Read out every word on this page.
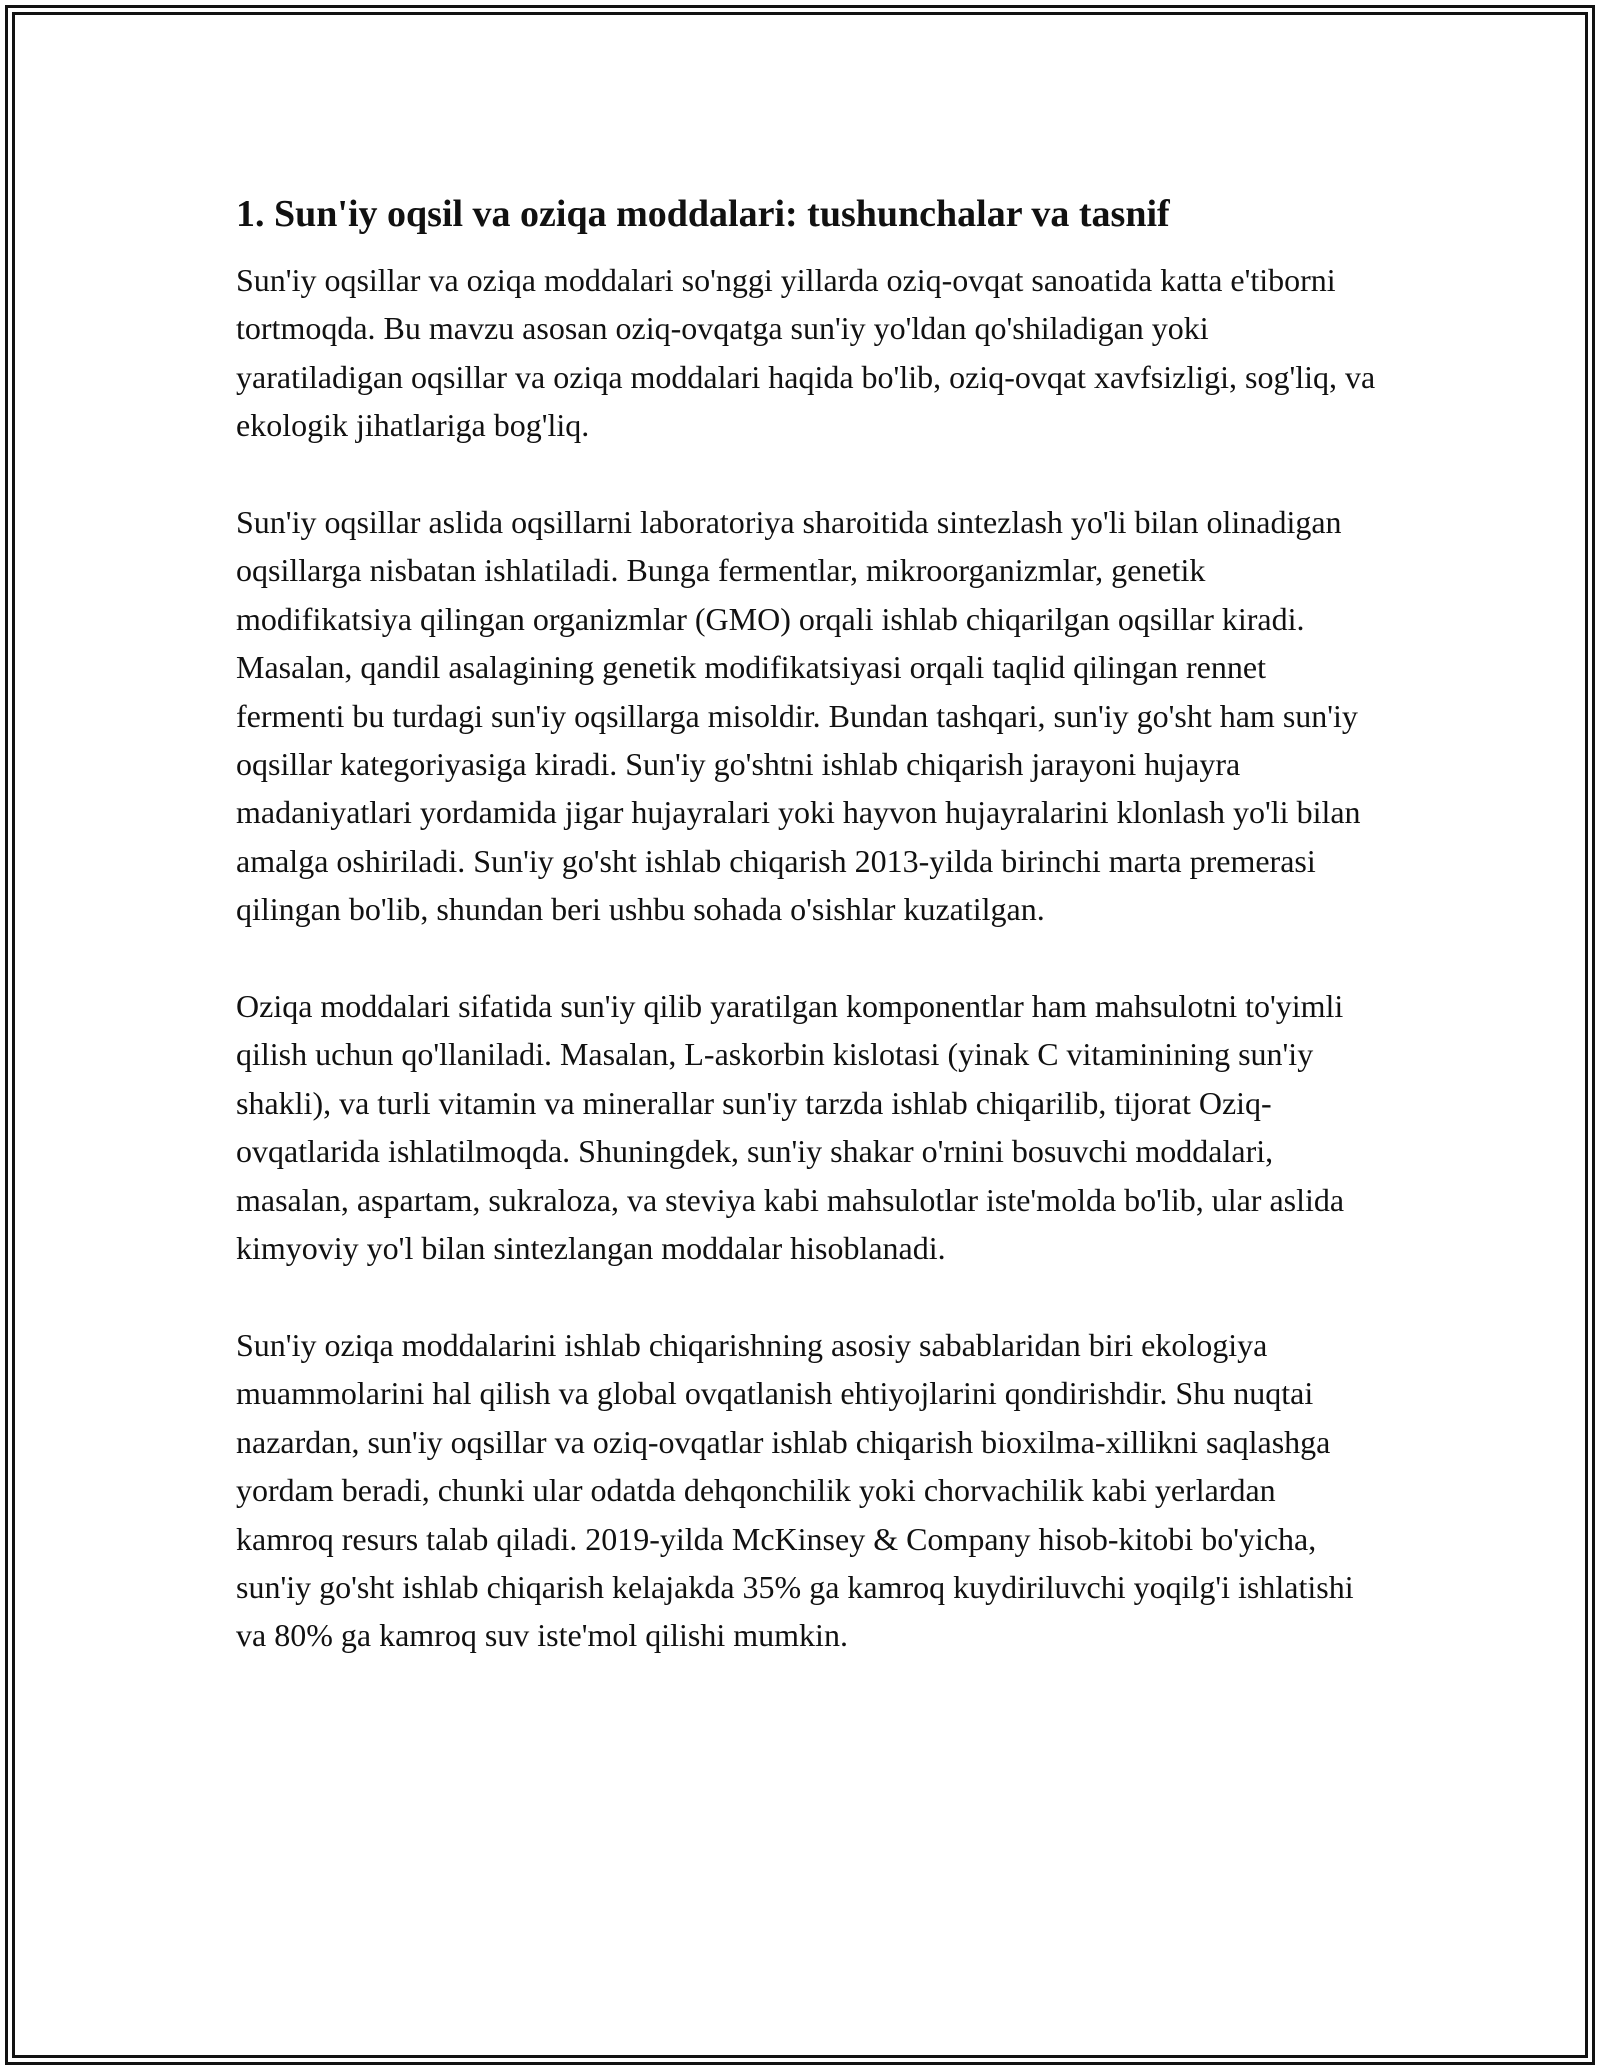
1. Sun'iy oqsil va oziqa moddalari: tushunchalar va tasnif

Sun'iy oqsillar va oziqa moddalari so'nggi yillarda oziq-ovqat sanoatida katta e'tiborni tortmoqda. Bu mavzu asosan oziq-ovqatga sun'iy yo'ldan qo'shiladigan yoki yaratiladigan oqsillar va oziqa moddalari haqida bo'lib, oziq-ovqat xavfsizligi, sog'liq, va ekologik jihatlariga bog'liq.

Sun'iy oqsillar aslida oqsillarni laboratoriya sharoitida sintezlash yo'li bilan olinadigan oqsillarga nisbatan ishlatiladi. Bunga fermentlar, mikroorganizmlar, genetik modifikatsiya qilingan organizmlar (GMO) orqali ishlab chiqarilgan oqsillar kiradi. Masalan, qandil asalagining genetik modifikatsiyasi orqali taqlid qilingan rennet fermenti bu turdagi sun'iy oqsillarga misoldir. Bundan tashqari, sun'iy go'sht ham sun'iy oqsillar kategoriyasiga kiradi. Sun'iy go'shtni ishlab chiqarish jarayoni hujayra madaniyatlari yordamida jigar hujayralari yoki hayvon hujayralarini klonlash yo'li bilan amalga oshiriladi. Sun'iy go'sht ishlab chiqarish 2013-yilda birinchi marta premerasi qilingan bo'lib, shundan beri ushbu sohada o'sishlar kuzatilgan.

Oziqa moddalari sifatida sun'iy qilib yaratilgan komponentlar ham mahsulotni to'yimli qilish uchun qo'llaniladi. Masalan, L-askorbin kislotasi (yinak C vitaminining sun'iy shakli), va turli vitamin va minerallar sun'iy tarzda ishlab chiqarilib, tijorat Oziq-ovqatlarida ishlatilmoqda. Shuningdek, sun'iy shakar o'rnini bosuvchi moddalari, masalan, aspartam, sukraloza, va steviya kabi mahsulotlar iste'molda bo'lib, ular aslida kimyoviy yo'l bilan sintezlangan moddalar hisoblanadi.

Sun'iy oziqa moddalarini ishlab chiqarishning asosiy sabablaridan biri ekologiya muammolarini hal qilish va global ovqatlanish ehtiyojlarini qondirishdir. Shu nuqtai nazardan, sun'iy oqsillar va oziq-ovqatlar ishlab chiqarish bioxilma-xillikni saqlashga yordam beradi, chunki ular odatda dehqonchilik yoki chorvachilik kabi yerlardan kamroq resurs talab qiladi. 2019-yilda McKinsey & Company hisob-kitobi bo'yicha, sun'iy go'sht ishlab chiqarish kelajakda 35% ga kamroq kuydiriluvchi yoqilg'i ishlatishi va 80% ga kamroq suv iste'mol qilishi mumkin.
